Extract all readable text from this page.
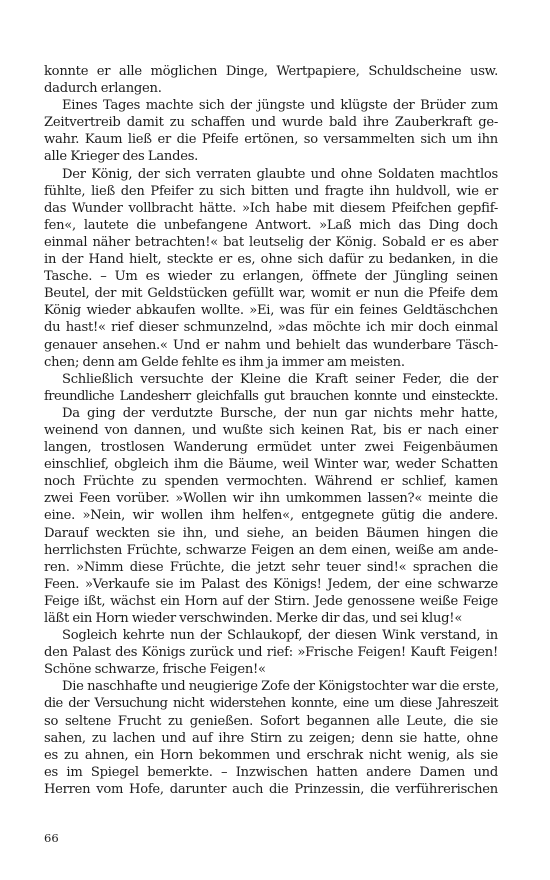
konnte er alle möglichen Dinge, Wertpapiere, Schuldscheine usw.
dadurch erlangen.
Eines Tages machte sich der jüngste und klügste der Brüder zum
Zeitvertreib damit zu schaffen und wurde bald ihre Zauberkraft ge-
wahr. Kaum ließ er die Pfeife ertönen, so versammelten sich um ihn
alle Krieger des Landes.
Der König, der sich verraten glaubte und ohne Soldaten machtlos
fühlte, ließ den Pfeifer zu sich bitten und fragte ihn huldvoll, wie er
das Wunder vollbracht hätte. »Ich habe mit diesem Pfeifchen gepfif-
fen«, lautete die unbefangene Antwort. »Laß mich das Ding doch
einmal näher betrachten!« bat leutselig der König. Sobald er es aber
in der Hand hielt, steckte er es, ohne sich dafür zu bedanken, in die
Tasche. – Um es wieder zu erlangen, öffnete der Jüngling seinen
Beutel, der mit Geldstücken gefüllt war, womit er nun die Pfeife dem
König wieder abkaufen wollte. »Ei, was für ein feines Geldtäschchen
du hast!« rief dieser schmunzelnd, »das möchte ich mir doch einmal
genauer ansehen.« Und er nahm und behielt das wunderbare Täsch-
chen; denn am Gelde fehlte es ihm ja immer am meisten.
Schließlich versuchte der Kleine die Kraft seiner Feder, die der
freundliche Landesherr gleichfalls gut brauchen konnte und einsteckte.
Da ging der verdutzte Bursche, der nun gar nichts mehr hatte,
weinend von dannen, und wußte sich keinen Rat, bis er nach einer
langen, trostlosen Wanderung ermüdet unter zwei Feigenbäumen
einschlief, obgleich ihm die Bäume, weil Winter war, weder Schatten
noch Früchte zu spenden vermochten. Während er schlief, kamen
zwei Feen vorüber. »Wollen wir ihn umkommen lassen?« meinte die
eine. »Nein, wir wollen ihm helfen«, entgegnete gütig die andere.
Darauf weckten sie ihn, und siehe, an beiden Bäumen hingen die
herrlichsten Früchte, schwarze Feigen an dem einen, weiße am ande-
ren. »Nimm diese Früchte, die jetzt sehr teuer sind!« sprachen die
Feen. »Verkaufe sie im Palast des Königs! Jedem, der eine schwarze
Feige ißt, wächst ein Horn auf der Stirn. Jede genossene weiße Feige
läßt ein Horn wieder verschwinden. Merke dir das, und sei klug!«
Sogleich kehrte nun der Schlaukopf, der diesen Wink verstand, in
den Palast des Königs zurück und rief: »Frische Feigen! Kauft Feigen!
Schöne schwarze, frische Feigen!«
Die naschhafte und neugierige Zofe der Königstochter war die erste,
die der Versuchung nicht widerstehen konnte, eine um diese Jahreszeit
so seltene Frucht zu genießen. Sofort begannen alle Leute, die sie
sahen, zu lachen und auf ihre Stirn zu zeigen; denn sie hatte, ohne
es zu ahnen, ein Horn bekommen und erschrak nicht wenig, als sie
es im Spiegel bemerkte. – Inzwischen hatten andere Damen und
Herren vom Hofe, darunter auch die Prinzessin, die verführerischen
66
